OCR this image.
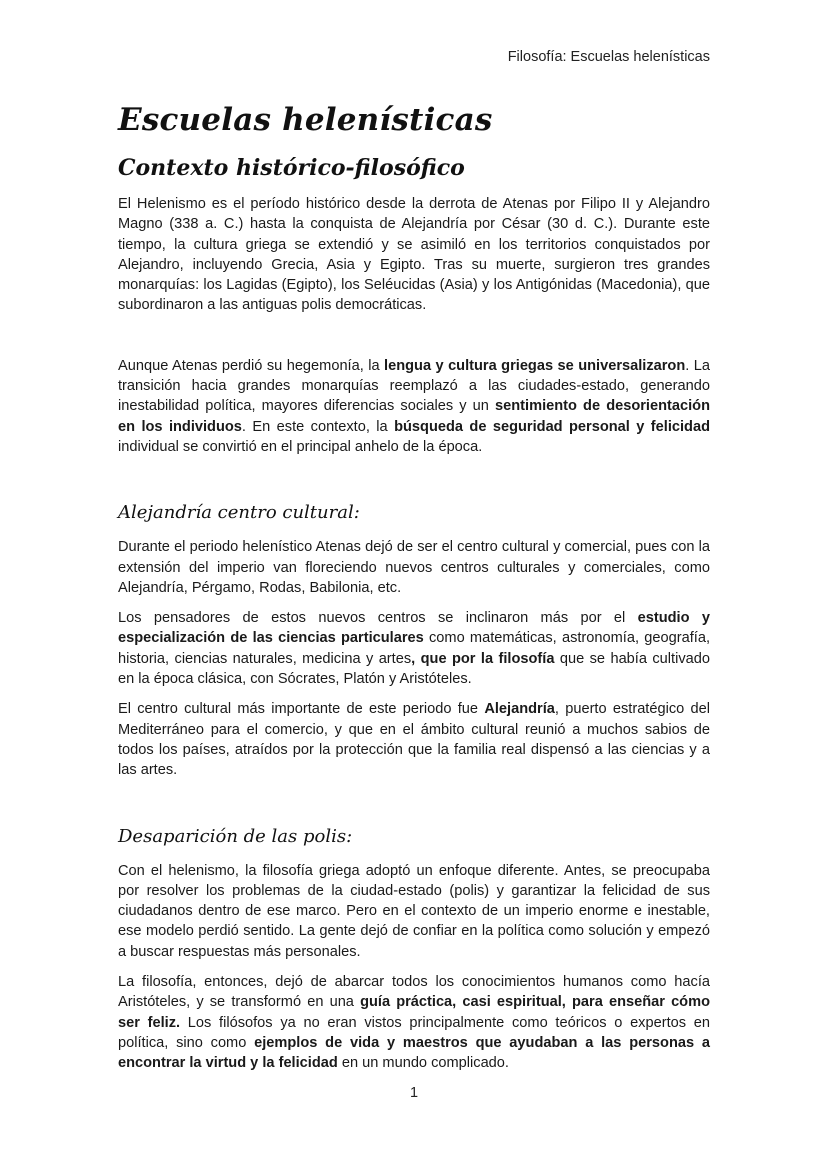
Filosofía: Escuelas helenísticas
Escuelas helenísticas
Contexto histórico-filosófico

El Helenismo es el período histórico desde la derrota de Atenas por Filipo II y Alejandro Magno (338 a. C.) hasta la conquista de Alejandría por César (30 d. C.). Durante este tiempo, la cultura griega se extendió y se asimiló en los territorios conquistados por Alejandro, incluyendo Grecia, Asia y Egipto. Tras su muerte, surgieron tres grandes monarquías: los Lagidas (Egipto), los Seléucidas (Asia) y los Antigónidas (Macedonia), que subordinaron a las antiguas polis democráticas.

Aunque Atenas perdió su hegemonía, la lengua y cultura griegas se universalizaron. La transición hacia grandes monarquías reemplazó a las ciudades-estado, generando inestabilidad política, mayores diferencias sociales y un sentimiento de desorientación en los individuos. En este contexto, la búsqueda de seguridad personal y felicidad individual se convirtió en el principal anhelo de la época.

Alejandría centro cultural:

Durante el periodo helenístico Atenas dejó de ser el centro cultural y comercial, pues con la extensión del imperio van floreciendo nuevos centros culturales y comerciales, como Alejandría, Pérgamo, Rodas, Babilonia, etc.

Los pensadores de estos nuevos centros se inclinaron más por el estudio y especialización de las ciencias particulares como matemáticas, astronomía, geografía, historia, ciencias naturales, medicina y artes, que por la filosofía que se había cultivado en la época clásica, con Sócrates, Platón y Aristóteles.

El centro cultural más importante de este periodo fue Alejandría, puerto estratégico del Mediterráneo para el comercio, y que en el ámbito cultural reunió a muchos sabios de todos los países, atraídos por la protección que la familia real dispensó a las ciencias y a las artes.

Desaparición de las polis:

Con el helenismo, la filosofía griega adoptó un enfoque diferente. Antes, se preocupaba por resolver los problemas de la ciudad-estado (polis) y garantizar la felicidad de sus ciudadanos dentro de ese marco. Pero en el contexto de un imperio enorme e inestable, ese modelo perdió sentido. La gente dejó de confiar en la política como solución y empezó a buscar respuestas más personales.

La filosofía, entonces, dejó de abarcar todos los conocimientos humanos como hacía Aristóteles, y se transformó en una guía práctica, casi espiritual, para enseñar cómo ser feliz. Los filósofos ya no eran vistos principalmente como teóricos o expertos en política, sino como ejemplos de vida y maestros que ayudaban a las personas a encontrar la virtud y la felicidad en un mundo complicado.

1
